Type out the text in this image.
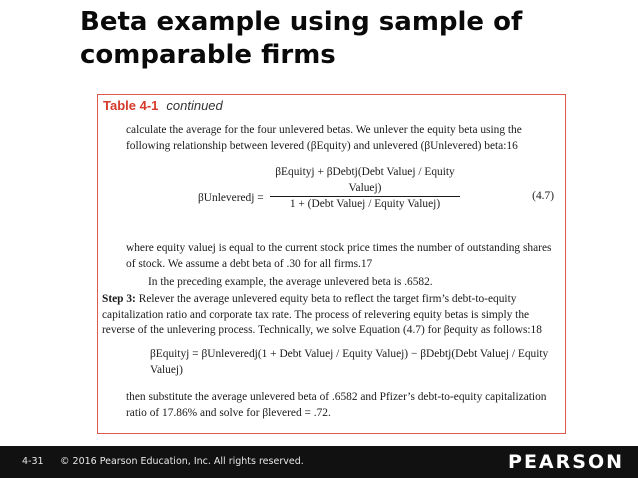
Beta example using sample of comparable firms
Table 4-1 continued
calculate the average for the four unlevered betas. We unlever the equity beta using the following relationship between levered (βEquity) and unlevered (βUnlevered) beta:16
βUnleveredj =
βEquityj + βDebtj(Debt Valuej / Equity Valuej)
1 + (Debt Valuej / Equity Valuej)
(4.7)
where equity valuej is equal to the current stock price times the number of outstanding shares of stock. We assume a debt beta of .30 for all firms.17
In the preceding example, the average unlevered beta is .6582.
Step 3: Relever the average unlevered equity beta to reflect the target firm’s debt-to-equity capitalization ratio and corporate tax rate. The process of relevering equity betas is simply the reverse of the unlevering process. Technically, we solve Equation (4.7) for βequity as follows:18
βEquityj = βUnleveredj(1 + Debt Valuej / Equity Valuej) − βDebtj(Debt Valuej / Equity Valuej)
then substitute the average unlevered beta of .6582 and Pfizer’s debt-to-equity capitalization ratio of 17.86% and solve for βlevered = .72.
4-31 © 2016 Pearson Education, Inc. All rights reserved.	PEARSON
